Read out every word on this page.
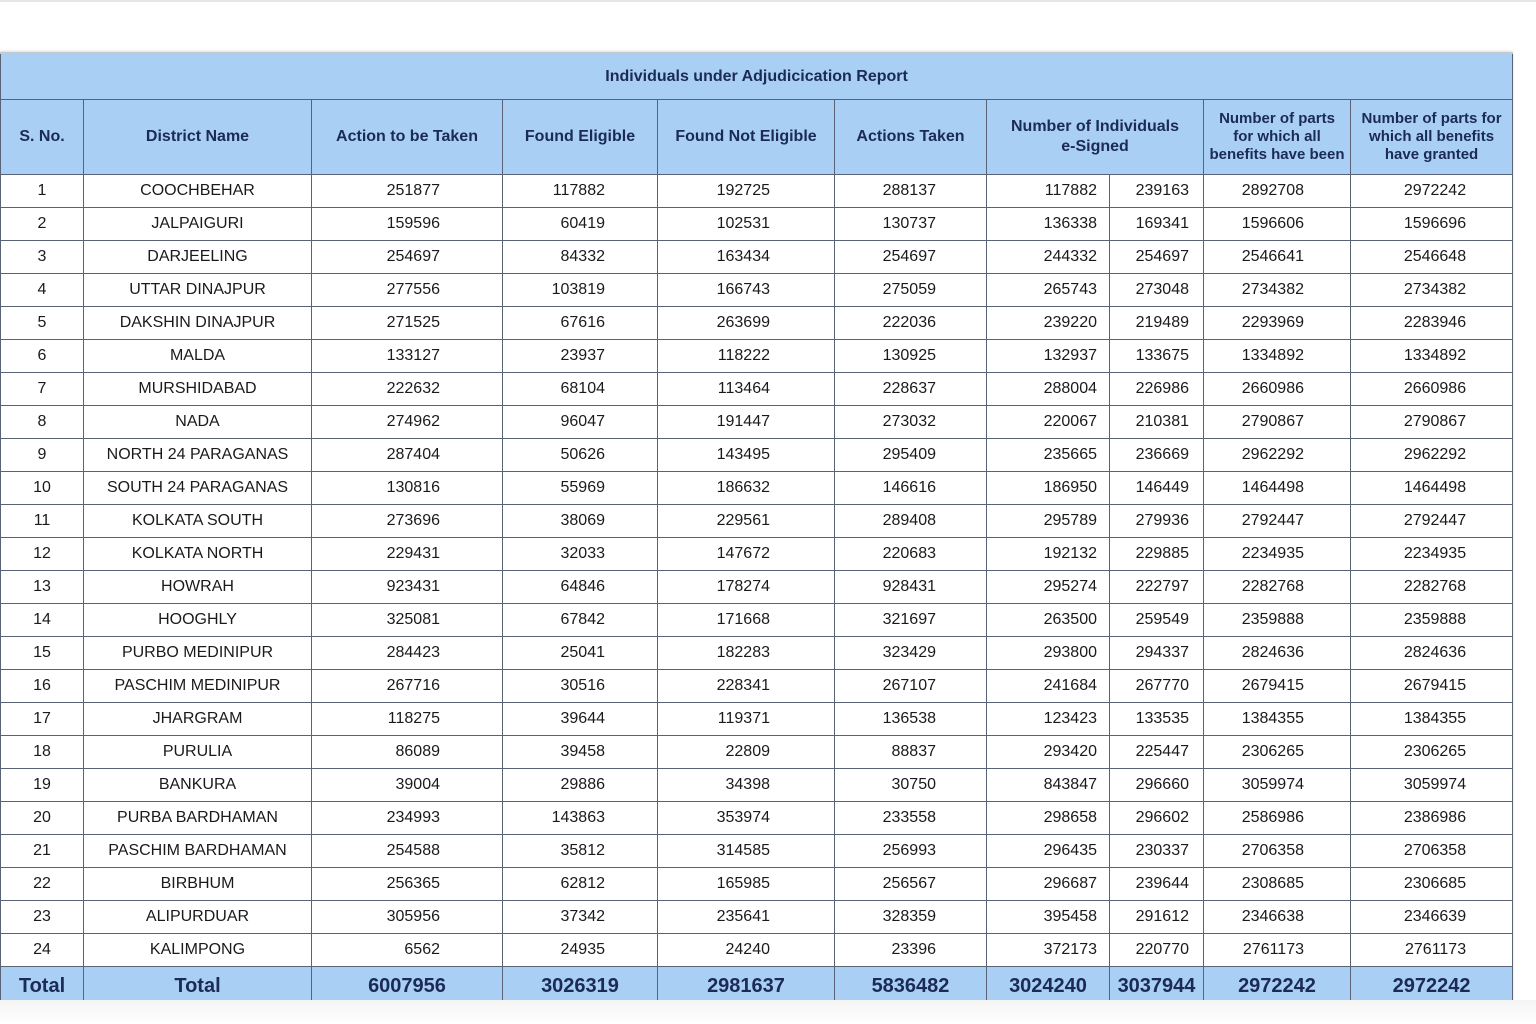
Individuals under Adjudicication Report									
S. No.	District Name	Action to be Taken	Found Eligible	Found Not Eligible	Actions Taken	Number of Individuals e-Signed		Number of parts for which all benefits have been	Number of parts for which all benefits have granted
1	COOCHBEHAR	251877	117882	192725	288137	117882	239163	2892708	2972242
2	JALPAIGURI	159596	60419	102531	130737	136338	169341	1596606	1596696
3	DARJEELING	254697	84332	163434	254697	244332	254697	2546641	2546648
4	UTTAR DINAJPUR	277556	103819	166743	275059	265743	273048	2734382	2734382
5	DAKSHIN DINAJPUR	271525	67616	263699	222036	239220	219489	2293969	2283946
6	MALDA	133127	23937	118222	130925	132937	133675	1334892	1334892
7	MURSHIDABAD	222632	68104	113464	228637	288004	226986	2660986	2660986
8	NADA	274962	96047	191447	273032	220067	210381	2790867	2790867
9	NORTH 24 PARAGANAS	287404	50626	143495	295409	235665	236669	2962292	2962292
10	SOUTH 24 PARAGANAS	130816	55969	186632	146616	186950	146449	1464498	1464498
11	KOLKATA SOUTH	273696	38069	229561	289408	295789	279936	2792447	2792447
12	KOLKATA NORTH	229431	32033	147672	220683	192132	229885	2234935	2234935
13	HOWRAH	923431	64846	178274	928431	295274	222797	2282768	2282768
14	HOOGHLY	325081	67842	171668	321697	263500	259549	2359888	2359888
15	PURBO MEDINIPUR	284423	25041	182283	323429	293800	294337	2824636	2824636
16	PASCHIM MEDINIPUR	267716	30516	228341	267107	241684	267770	2679415	2679415
17	JHARGRAM	118275	39644	119371	136538	123423	133535	1384355	1384355
18	PURULIA	86089	39458	22809	88837	293420	225447	2306265	2306265
19	BANKURA	39004	29886	34398	30750	843847	296660	3059974	3059974
20	PURBA BARDHAMAN	234993	143863	353974	233558	298658	296602	2586986	2386986
21	PASCHIM BARDHAMAN	254588	35812	314585	256993	296435	230337	2706358	2706358
22	BIRBHUM	256365	62812	165985	256567	296687	239644	2308685	2306685
23	ALIPURDUAR	305956	37342	235641	328359	395458	291612	2346638	2346639
24	KALIMPONG	6562	24935	24240	23396	372173	220770	2761173	2761173
Total	Total	6007956	3026319	2981637	5836482	3024240	3037944	2972242	2972242
